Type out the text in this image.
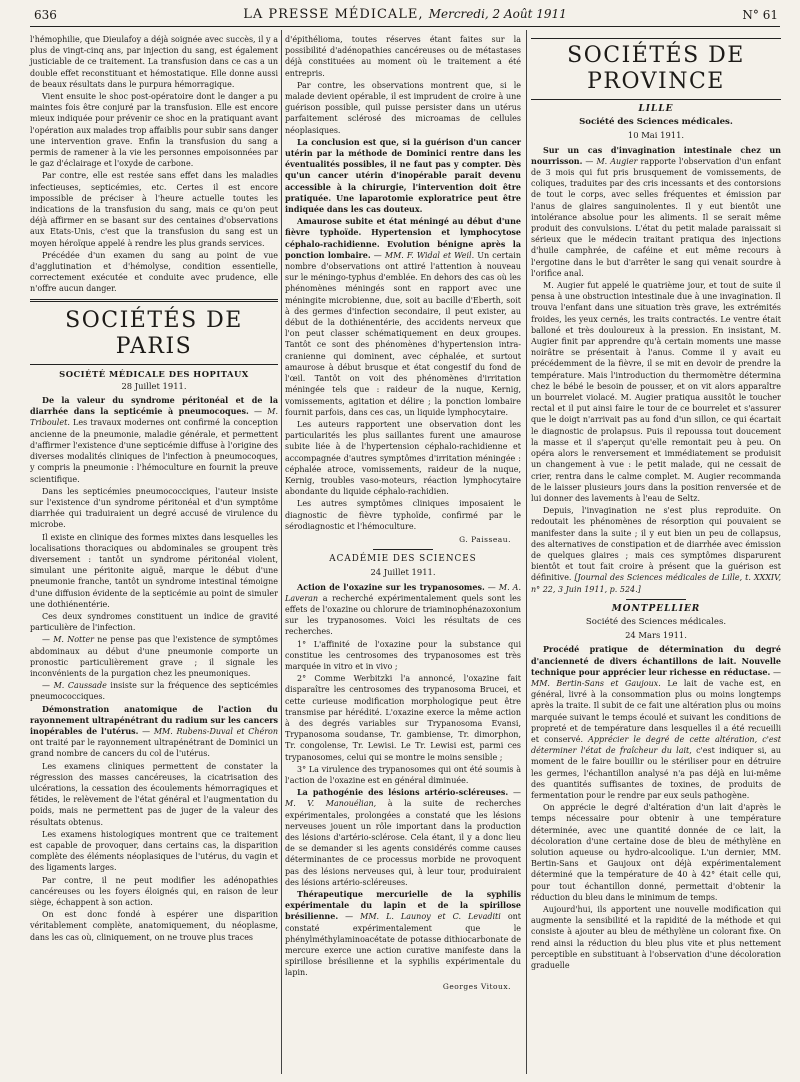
636	LA PRESSE MÉDICALE, Mercredi, 2 Août 1911	N° 61

l'hémophilie, que Dieulafoy a déjà soignée avec succès, il y a plus de vingt-cinq ans, par injection du sang, est également justiciable de ce traitement. La transfusion dans ce cas a un double effet reconstituant et hémostatique. Elle donne aussi de beaux résultats dans le purpura hémorragique.

Vient ensuite le shoc post-opératoire dont le danger a pu maintes fois être conjuré par la transfusion. Elle est encore mieux indiquée pour prévenir ce shoc en la pratiquant avant l'opération aux malades trop affaiblis pour subir sans danger une intervention grave. Enfin la transfusion du sang a permis de ramener à la vie les personnes empoisonnées par le gaz d'éclairage et l'oxyde de carbone.

Par contre, elle est restée sans effet dans les maladies infectieuses, septicémies, etc. Certes il est encore impossible de préciser à l'heure actuelle toutes les indications de la transfusion du sang, mais ce qu'on peut déjà affirmer en se basant sur des centaines d'observations aux Etats-Unis, c'est que la transfusion du sang est un moyen héroïque appelé à rendre les plus grands services.

Précédée d'un examen du sang au point de vue d'agglutination et d'hémolyse, condition essentielle, correctement exécutée et conduite avec prudence, elle n'offre aucun danger.

SOCIÉTÉS DE PARIS
SOCIÉTÉ MÉDICALE DES HOPITAUX
28 Juillet 1911.

De la valeur du syndrome péritonéal et de la diarrhée dans la septicémie à pneumocoques. — M. Triboulet. Les travaux modernes ont confirmé la conception ancienne de la pneumonie, maladie générale, et permettent d'affirmer l'existence d'une septicémie diffuse à l'origine des diverses modalités cliniques de l'infection à pneumocoques, y compris la pneumonie : l'hémoculture en fournit la preuve scientifique.

Dans les septicémies pneumococciques, l'auteur insiste sur l'existence d'un syndrome péritonéal et d'un symptôme diarrhée qui traduiraient un degré accusé de virulence du microbe.

Il existe en clinique des formes mixtes dans lesquelles les localisations thoraciques ou abdominales se groupent très diversement : tantôt un syndrome péritonéal violent, simulant une péritonite aiguë, marque le début d'une pneumonie franche, tantôt un syndrome intestinal témoigne d'une diffusion évidente de la septicémie au point de simuler une dothiénentérie.

Ces deux syndromes constituent un indice de gravité particulière de l'infection.

— M. Notter ne pense pas que l'existence de symptômes abdominaux au début d'une pneumonie comporte un pronostic particulièrement grave ; il signale les inconvénients de la purgation chez les pneumoniques.

— M. Caussade insiste sur la fréquence des septicémies pneumococciques.

Démonstration anatomique de l'action du rayonnement ultrapénétrant du radium sur les cancers inopérables de l'utérus. — MM. Rubens-Duval et Chéron ont traité par le rayonnement ultrapénétrant de Dominici un grand nombre de cancers du col de l'utérus.

Les examens cliniques permettent de constater la régression des masses cancéreuses, la cicatrisation des ulcérations, la cessation des écoulements hémorragiques et fétides, le relèvement de l'état général et l'augmentation du poids, mais ne permettent pas de juger de la valeur des résultats obtenus.

Les examens histologiques montrent que ce traitement est capable de provoquer, dans certains cas, la disparition complète des éléments néoplasiques de l'utérus, du vagin et des ligaments larges.

Par contre, il ne peut modifier les adénopathies cancéreuses ou les foyers éloignés qui, en raison de leur siège, échappent à son action.

On est donc fondé à espérer une disparition véritablement complète, anatomiquement, du néoplasme, dans les cas où, cliniquement, on ne trouve plus traces

d'épithélioma, toutes réserves étant faites sur la possibilité d'adénopathies cancéreuses ou de métastases déjà constituées au moment où le traitement a été entrepris.

Par contre, les observations montrent que, si le malade devient opérable, il est imprudent de croire à une guérison possible, quil puisse persister dans un utérus parfaitement sclérosé des microamas de cellules néoplasiques.

La conclusion est que, si la guérison d'un cancer utérin par la méthode de Dominici rentre dans les éventualités possibles, il ne faut pas y compter. Dès qu'un cancer utérin d'inopérable parait devenu accessible à la chirurgie, l'intervention doit être pratiquée. Une laparotomie exploratrice peut être indiquée dans les cas douteux.

Amaurose subite et état méningé au début d'une fièvre typhoïde. Hypertension et lymphocytose céphalo-rachidienne. Evolution bénigne après la ponction lombaire. — MM. F. Widal et Weil. Un certain nombre d'observations ont attiré l'attention à nouveau sur le méningo-typhus d'emblée. En dehors des cas où les phénomènes méningés sont en rapport avec une méningite microbienne, due, soit au bacille d'Eberth, soit à des germes d'infection secondaire, il peut exister, au début de la dothiénentérie, des accidents nerveux que l'on peut classer schématiquement en deux groupes. Tantôt ce sont des phénomènes d'hypertension intra-cranienne qui dominent, avec céphalée, et surtout amaurose à début brusque et état congestif du fond de l'œil. Tantôt on voit des phénomènes d'irritation méningée tels que : raideur de la nuque, Kernig, vomissements, agitation et délire ; la ponction lombaire fournit parfois, dans ces cas, un liquide lymphocytaire.

Les auteurs rapportent une observation dont les particularités les plus saillantes furent une amaurose subite liée à de l'hypertension céphalo-rachidienne et accompagnée d'autres symptômes d'irritation méningée : céphalée atroce, vomissements, raideur de la nuque, Kernig, troubles vaso-moteurs, réaction lymphocytaire abondante du liquide céphalo-rachidien.

Les autres symptômes cliniques imposaient le diagnostic de fièvre typhoïde, confirmé par le sérodiagnostic et l'hémoculture.

G. Paisseau.
ACADÉMIE DES SCIENCES
24 Juillet 1911.

Action de l'oxazine sur les trypanosomes. — M. A. Laveran a recherché expérimentalement quels sont les effets de l'oxazine ou chlorure de triaminophénazoxonium sur les trypanosomes. Voici les résultats de ces recherches.

1° L'affinité de l'oxazine pour la substance qui constitue les centrosomes des trypanosomes est très marquée in vitro et in vivo ;

2° Comme Werbitzki l'a annoncé, l'oxazine fait disparaître les centrosomes des trypanosoma Brucei, et cette curieuse modification morphologique peut être transmise par hérédité. L'oxazine exerce la même action à des degrés variables sur Trypanosoma Evansi, Trypanosoma soudanse, Tr. gambiense, Tr. dimorphon, Tr. congolense, Tr. Lewisi. Le Tr. Lewisi est, parmi ces trypanosomes, celui qui se montre le moins sensible ;

3° La virulence des trypanosomes qui ont été soumis à l'action de l'oxazine est en général diminuée.

La pathogénie des lésions artério-scléreuses. — M. V. Manouélian, à la suite de recherches expérimentales, prolongées a constaté que les lésions nerveuses jouent un rôle important dans la production des lésions d'artério-sclérose. Cela étant, il y a donc lieu de se demander si les agents considérés comme causes déterminantes de ce processus morbide ne provoquent pas des lésions nerveuses qui, à leur tour, produiraient des lésions artério-scléreuses.

Thérapeutique mercurielle de la syphilis expérimentale du lapin et de la spirillose brésilienne. — MM. L. Launoy et C. Levaditi ont constaté expérimentalement que le phénylméthylaminoacétate de potasse dithiocarbonate de mercure exerce une action curative manifeste dans la spirillose brésilienne et la syphilis expérimentale du lapin.

Georges Vitoux.
SOCIÉTÉS DE PROVINCE
LILLE
Société des Sciences médicales.
10 Mai 1911.

Sur un cas d'invagination intestinale chez un nourrisson. — M. Augier rapporte l'observation d'un enfant de 3 mois qui fut pris brusquement de vomissements, de coliques, traduites par des cris incessants et des contorsions de tout le corps, avec selles fréquentes et émission par l'anus de glaires sanguinolentes. Il y eut bientôt une intolérance absolue pour les aliments. Il se serait même produit des convulsions. L'état du petit malade paraissait si sérieux que le médecin traitant pratiqua des injections d'huile camphrée, de caféine et eut même recours à l'ergotine dans le but d'arrêter le sang qui venait sourdre à l'orifice anal.

M. Augier fut appelé le quatrième jour, et tout de suite il pensa à une obstruction intestinale due à une invagination. Il trouva l'enfant dans une situation très grave, les extrémités froides, les yeux cernés, les traits contractés. Le ventre était balloné et très douloureux à la pression. En insistant, M. Augier finit par apprendre qu'à certain moments une masse noirâtre se présentait à l'anus. Comme il y avait eu précédemment de la fièvre, il se mit en devoir de prendre la température. Mais l'introduction du thermomètre détermina chez le bébé le besoin de pousser, et on vit alors apparaître un bourrelet violacé. M. Augier pratiqua aussitôt le toucher rectal et il put ainsi faire le tour de ce bourrelet et s'assurer que le doigt n'arrivait pas au fond d'un sillon, ce qui écartait le diagnostic de prolapsus. Puis il repoussa tout doucement la masse et il s'aperçut qu'elle remontait peu à peu. On opéra alors le renversement et immédiatement se produisit un changement à vue : le petit malade, qui ne cessait de crier, rentra dans le calme complet. M. Augier recommanda de le laisser plusieurs jours dans la position renversée et de lui donner des lavements à l'eau de Seltz.

Depuis, l'invagination ne s'est plus reproduite. On redoutait les phénomènes de résorption qui pouvaient se manifester dans la suite ; il y eut bien un peu de collapsus, des alternatives de constipation et de diarrhée avec émission de quelques glaires ; mais ces symptômes disparurent bientôt et tout fait croire à présent que la guérison est définitive. [Journal des Sciences médicales de Lille, t. XXXIV, n° 22, 3 Juin 1911, p. 524.]

MONTPELLIER
Société des Sciences médicales.
24 Mars 1911.

Procédé pratique de détermination du degré d'ancienneté de divers échantillons de lait. Nouvelle technique pour apprécier leur richesse en réductase. — MM. Bertin-Sans et Gaujoux. Le lait de vache est, en général, livré à la consommation plus ou moins longtemps après la traite. Il subit de ce fait une altération plus ou moins marquée suivant le temps écoulé et suivant les conditions de propreté et de température dans lesquelles il a été recueilli et conservé. Apprécier le degré de cette altération, c'est déterminer l'état de fraîcheur du lait, c'est indiquer si, au moment de le faire bouillir ou le stériliser pour en détruire les germes, l'échantillon analysé n'a pas déjà en lui-même des quantités suffisantes de toxines, de produits de fermentation pour le rendre par eux seuls pathogène.

On apprécie le degré d'altération d'un lait d'après le temps nécessaire pour obtenir à une température déterminée, avec une quantité donnée de ce lait, la décoloration d'une certaine dose de bleu de méthylène en solution aqueuse ou hydro-alcoolique. L'un dernier, MM. Bertin-Sans et Gaujoux ont déjà expérimentalement déterminé que la température de 40 à 42° était celle qui, pour tout échantillon donné, permettait d'obtenir la réduction du bleu dans le minimum de temps.

Aujourd'hui, ils apportent une nouvelle modification qui augmente la sensibilité et la rapidité de la méthode et qui consiste à ajouter au bleu de méthylène un colorant fixe. On rend ainsi la réduction du bleu plus vite et plus nettement perceptible en substituant à l'observation d'une décoloration graduelle
